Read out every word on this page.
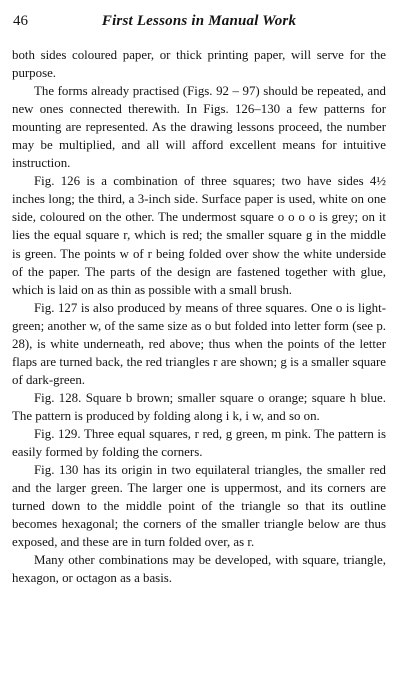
46	First Lessons in Manual Work

both sides coloured paper, or thick printing paper, will serve for the purpose.

The forms already practised (Figs. 92 – 97) should be repeated, and new ones connected therewith. In Figs. 126–130 a few patterns for mounting are represented. As the drawing lessons proceed, the number may be multiplied, and all will afford excellent means for intuitive instruction.

Fig. 126 is a combination of three squares; two have sides 4½ inches long; the third, a 3-inch side. Surface paper is used, white on one side, coloured on the other. The undermost square o o o o is grey; on it lies the equal square r, which is red; the smaller square g in the middle is green. The points w of r being folded over show the white underside of the paper. The parts of the design are fastened together with glue, which is laid on as thin as possible with a small brush.

Fig. 127 is also produced by means of three squares. One o is light-green; another w, of the same size as o but folded into letter form (see p. 28), is white underneath, red above; thus when the points of the letter flaps are turned back, the red triangles r are shown; g is a smaller square of dark-green.

Fig. 128. Square b brown; smaller square o orange; square h blue. The pattern is produced by folding along i k, i w, and so on.

Fig. 129. Three equal squares, r red, g green, m pink. The pattern is easily formed by folding the corners.

Fig. 130 has its origin in two equilateral triangles, the smaller red and the larger green. The larger one is uppermost, and its corners are turned down to the middle point of the triangle so that its outline becomes hexagonal; the corners of the smaller triangle below are thus exposed, and these are in turn folded over, as r.

Many other combinations may be developed, with square, triangle, hexagon, or octagon as a basis.
